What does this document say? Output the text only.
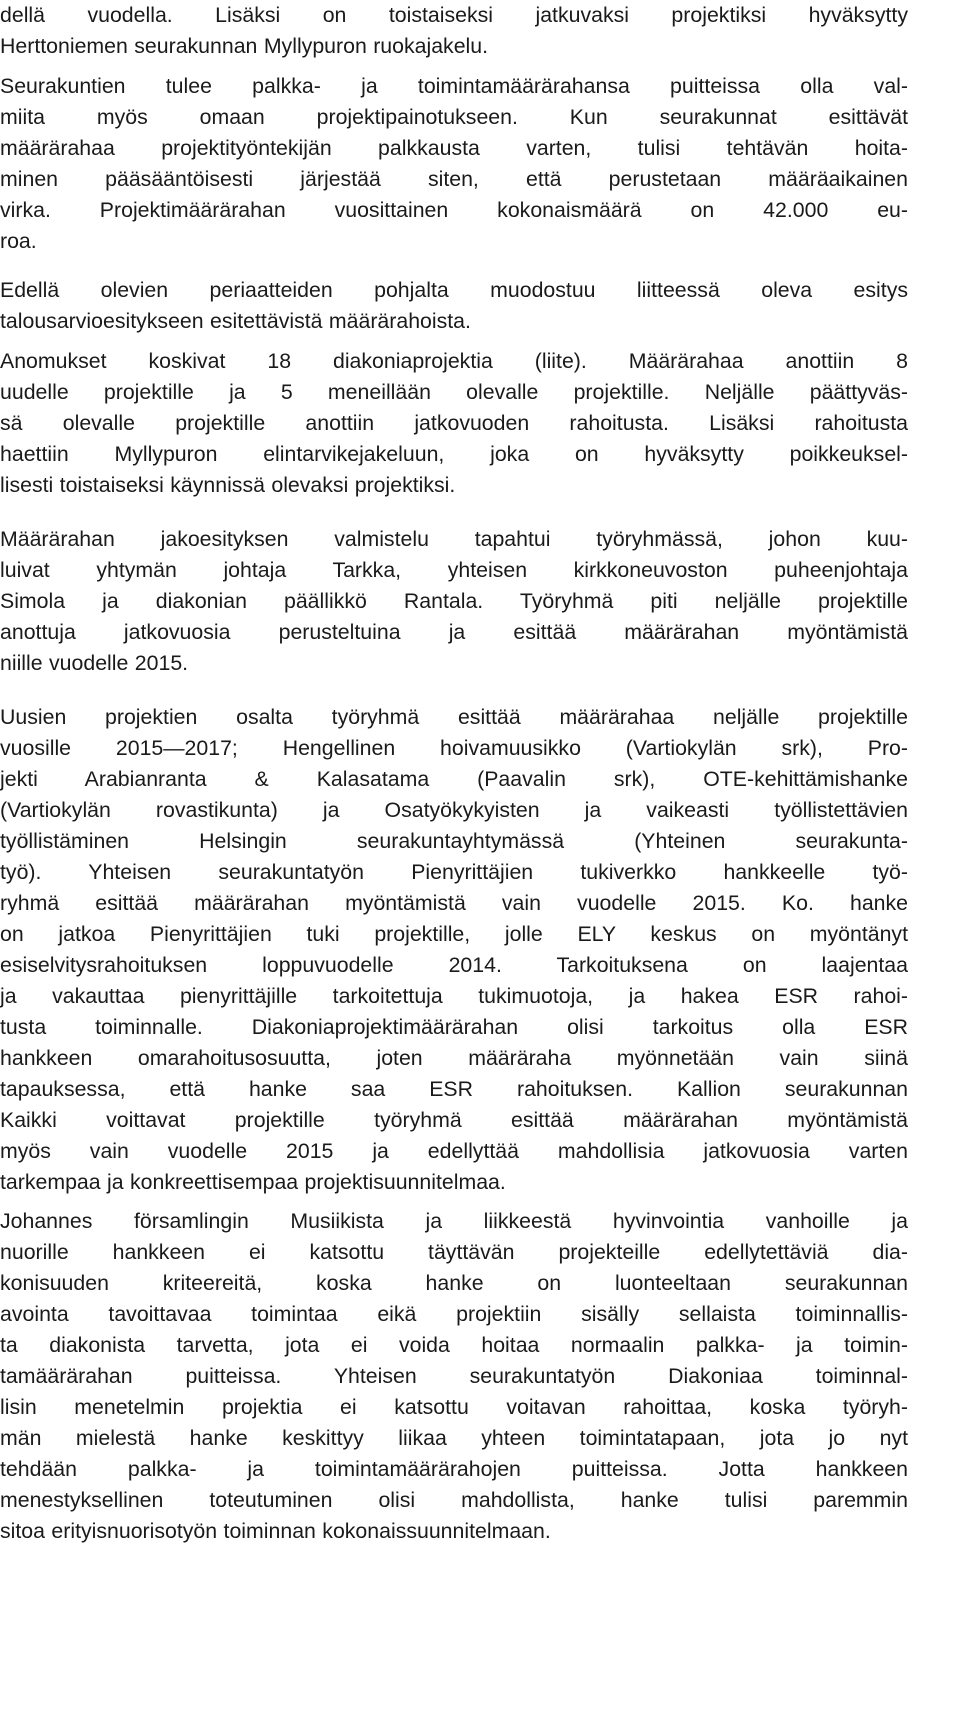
dellä vuodella. Lisäksi on toistaiseksi jatkuvaksi projektiksi hyväksytty
Herttoniemen seurakunnan Myllypuron ruokajakelu.
Seurakuntien tulee palkka- ja toimintamäärärahansa puitteissa olla val-
miita myös omaan projektipainotukseen. Kun seurakunnat esittävät
määrärahaa projektityöntekijän palkkausta varten, tulisi tehtävän hoita-
minen pääsääntöisesti järjestää siten, että perustetaan määräaikainen
virka. Projektimäärärahan vuosittainen kokonaismäärä on 42.000 eu-
roa.
Edellä olevien periaatteiden pohjalta muodostuu liitteessä oleva esitys
talousarvioesitykseen esitettävistä määrärahoista.
Anomukset koskivat 18 diakoniaprojektia (liite). Määrärahaa anottiin 8
uudelle projektille ja 5 meneillään olevalle projektille. Neljälle päättyväs-
sä olevalle projektille anottiin jatkovuoden rahoitusta. Lisäksi rahoitusta
haettiin Myllypuron elintarvikejakeluun, joka on hyväksytty poikkeuksel-
lisesti toistaiseksi käynnissä olevaksi projektiksi.
Määrärahan jakoesityksen valmistelu tapahtui työryhmässä, johon kuu-
luivat yhtymän johtaja Tarkka, yhteisen kirkkoneuvoston puheenjohtaja
Simola ja diakonian päällikkö Rantala. Työryhmä piti neljälle projektille
anottuja jatkovuosia perusteltuina ja esittää määrärahan myöntämistä
niille vuodelle 2015.
Uusien projektien osalta työryhmä esittää määrärahaa neljälle projektille
vuosille 2015—2017; Hengellinen hoivamuusikko (Vartiokylän srk), Pro-
jekti Arabianranta & Kalasatama (Paavalin srk), OTE-kehittämishanke
(Vartiokylän rovastikunta) ja Osatyökykyisten ja vaikeasti työllistettävien
työllistäminen Helsingin seurakuntayhtymässä (Yhteinen seurakunta-
työ). Yhteisen seurakuntatyön Pienyrittäjien tukiverkko hankkeelle työ-
ryhmä esittää määrärahan myöntämistä vain vuodelle 2015. Ko. hanke
on jatkoa Pienyrittäjien tuki projektille, jolle ELY keskus on myöntänyt
esiselvitysrahoituksen loppuvuodelle 2014. Tarkoituksena on laajentaa
ja vakauttaa pienyrittäjille tarkoitettuja tukimuotoja, ja hakea ESR rahoi-
tusta toiminnalle. Diakoniaprojektimäärärahan olisi tarkoitus olla ESR
hankkeen omarahoitusosuutta, joten määräraha myönnetään vain siinä
tapauksessa, että hanke saa ESR rahoituksen. Kallion seurakunnan
Kaikki voittavat projektille työryhmä esittää määrärahan myöntämistä
myös vain vuodelle 2015 ja edellyttää mahdollisia jatkovuosia varten
tarkempaa ja konkreettisempaa projektisuunnitelmaa.
Johannes församlingin Musiikista ja liikkeestä hyvinvointia vanhoille ja
nuorille hankkeen ei katsottu täyttävän projekteille edellytettäviä dia-
konisuuden kriteereitä, koska hanke on luonteeltaan seurakunnan
avointa tavoittavaa toimintaa eikä projektiin sisälly sellaista toiminnallis-
ta diakonista tarvetta, jota ei voida hoitaa normaalin palkka- ja toimin-
tamäärärahan puitteissa. Yhteisen seurakuntatyön Diakoniaa toiminnal-
lisin menetelmin projektia ei katsottu voitavan rahoittaa, koska työryh-
män mielestä hanke keskittyy liikaa yhteen toimintatapaan, jota jo nyt
tehdään palkka- ja toimintamäärärahojen puitteissa. Jotta hankkeen
menestyksellinen toteutuminen olisi mahdollista, hanke tulisi paremmin
sitoa erityisnuorisotyön toiminnan kokonaissuunnitelmaan.
